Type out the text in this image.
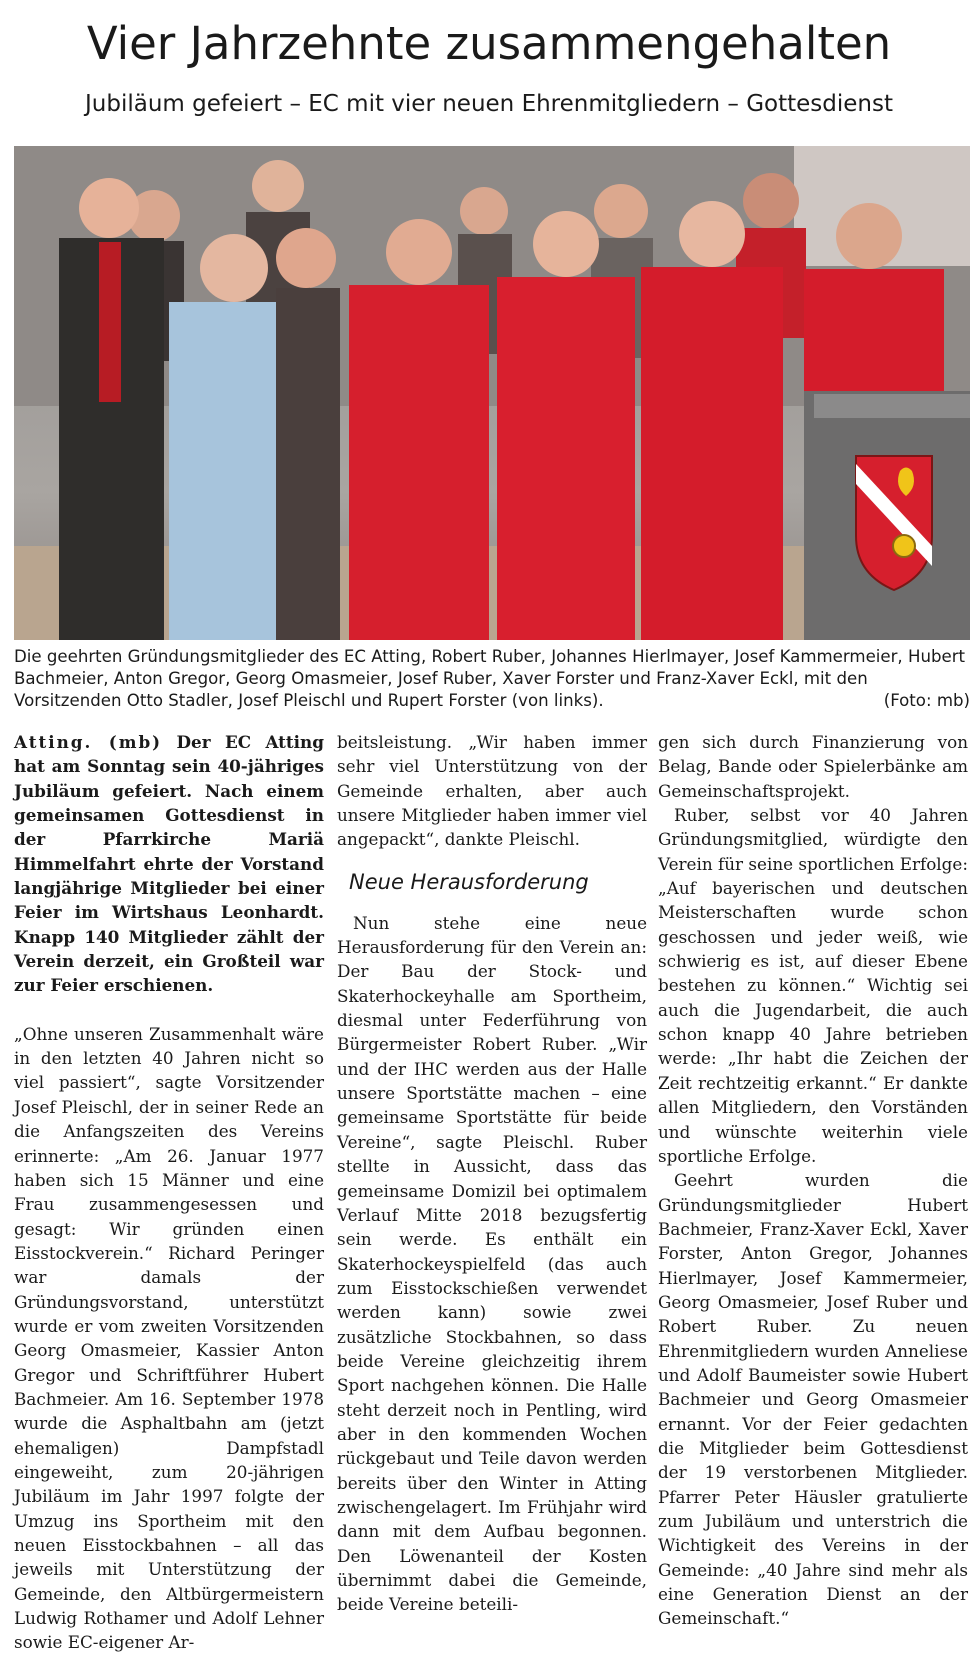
Vier Jahrzehnte zusammengehalten
Jubiläum gefeiert – EC mit vier neuen Ehrenmitgliedern – Gottesdienst

Die geehrten Gründungsmitglieder des EC Atting, Robert Ruber, Johannes Hierlmayer, Josef Kammermeier, Hubert Bachmeier, Anton Gregor, Georg Omasmeier, Josef Ruber, Xaver Forster und Franz-Xaver Eckl, mit den Vorsitzenden Otto Stadler, Josef Pleischl und Rupert Forster (von links).	(Foto: mb)

Atting. (mb) Der EC Atting hat am Sonntag sein 40-jähriges Jubiläum gefeiert. Nach einem gemeinsamen Gottesdienst in der Pfarrkirche Mariä Himmelfahrt ehrte der Vorstand langjährige Mitglieder bei einer Feier im Wirtshaus Leonhardt. Knapp 140 Mitglieder zählt der Verein derzeit, ein Großteil war zur Feier erschienen.

„Ohne unseren Zusammenhalt wäre in den letzten 40 Jahren nicht so viel passiert“, sagte Vorsitzender Josef Pleischl, der in seiner Rede an die Anfangszeiten des Vereins erinnerte: „Am 26. Januar 1977 haben sich 15 Männer und eine Frau zusammengesessen und gesagt: Wir gründen einen Eisstockverein.“ Richard Peringer war damals der Gründungsvorstand, unterstützt wurde er vom zweiten Vorsitzenden Georg Omasmeier, Kassier Anton Gregor und Schriftführer Hubert Bachmeier. Am 16. September 1978 wurde die Asphaltbahn am (jetzt ehemaligen) Dampfstadl eingeweiht, zum 20-jährigen Jubiläum im Jahr 1997 folgte der Umzug ins Sportheim mit den neuen Eisstockbahnen – all das jeweils mit Unterstützung der Gemeinde, den Altbürgermeistern Ludwig Rothamer und Adolf Lehner sowie EC-eigener Ar-

beitsleistung. „Wir haben immer sehr viel Unterstützung von der Gemeinde erhalten, aber auch unsere Mitglieder haben immer viel angepackt“, dankte Pleischl.

Neue Herausforderung

Nun stehe eine neue Herausforderung für den Verein an: Der Bau der Stock- und Skaterhockeyhalle am Sportheim, diesmal unter Federführung von Bürgermeister Robert Ruber. „Wir und der IHC werden aus der Halle unsere Sportstätte machen – eine gemeinsame Sportstätte für beide Vereine“, sagte Pleischl. Ruber stellte in Aussicht, dass das gemeinsame Domizil bei optimalem Verlauf Mitte 2018 bezugsfertig sein werde. Es enthält ein Skaterhockeyspielfeld (das auch zum Eisstockschießen verwendet werden kann) sowie zwei zusätzliche Stockbahnen, so dass beide Vereine gleichzeitig ihrem Sport nachgehen können. Die Halle steht derzeit noch in Pentling, wird aber in den kommenden Wochen rückgebaut und Teile davon werden bereits über den Winter in Atting zwischengelagert. Im Frühjahr wird dann mit dem Aufbau begonnen. Den Löwenanteil der Kosten übernimmt dabei die Gemeinde, beide Vereine beteili-

gen sich durch Finanzierung von Belag, Bande oder Spielerbänke am Gemeinschaftsprojekt.

Ruber, selbst vor 40 Jahren Gründungsmitglied, würdigte den Verein für seine sportlichen Erfolge: „Auf bayerischen und deutschen Meisterschaften wurde schon geschossen und jeder weiß, wie schwierig es ist, auf dieser Ebene bestehen zu können.“ Wichtig sei auch die Jugendarbeit, die auch schon knapp 40 Jahre betrieben werde: „Ihr habt die Zeichen der Zeit rechtzeitig erkannt.“ Er dankte allen Mitgliedern, den Vorständen und wünschte weiterhin viele sportliche Erfolge.

Geehrt wurden die Gründungsmitglieder Hubert Bachmeier, Franz-Xaver Eckl, Xaver Forster, Anton Gregor, Johannes Hierlmayer, Josef Kammermeier, Georg Omasmeier, Josef Ruber und Robert Ruber. Zu neuen Ehrenmitgliedern wurden Anneliese und Adolf Baumeister sowie Hubert Bachmeier und Georg Omasmeier ernannt. Vor der Feier gedachten die Mitglieder beim Gottesdienst der 19 verstorbenen Mitglieder. Pfarrer Peter Häusler gratulierte zum Jubiläum und unterstrich die Wichtigkeit des Vereins in der Gemeinde: „40 Jahre sind mehr als eine Generation Dienst an der Gemeinschaft.“
